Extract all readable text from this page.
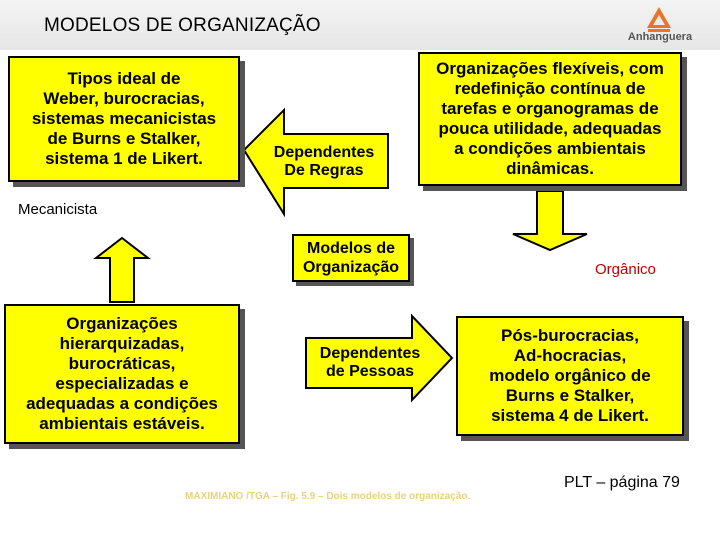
MODELOS DE ORGANIZAÇÃO
Anhanguera
Dependentes
De Regras
Dependentes
de Pessoas
Tipos ideal de
Weber, burocracias,
sistemas mecanicistas
de Burns e Stalker,
sistema 1 de Likert.
Organizações flexíveis, com
redefinição contínua de
tarefas e organogramas de
pouca utilidade, adequadas
a condições ambientais
dinâmicas.
Organizações
hierarquizadas,
burocráticas,
especializadas e
adequadas a condições
ambientais estáveis.
Pós-burocracias,
Ad-hocracias,
modelo orgânico de
Burns e Stalker,
sistema 4 de Likert.
Modelos de
Organização
Mecanicista
Orgânico
MAXIMIANO /TGA – Fig. 5.9 – Dois modelos de organização.
PLT – página 79
